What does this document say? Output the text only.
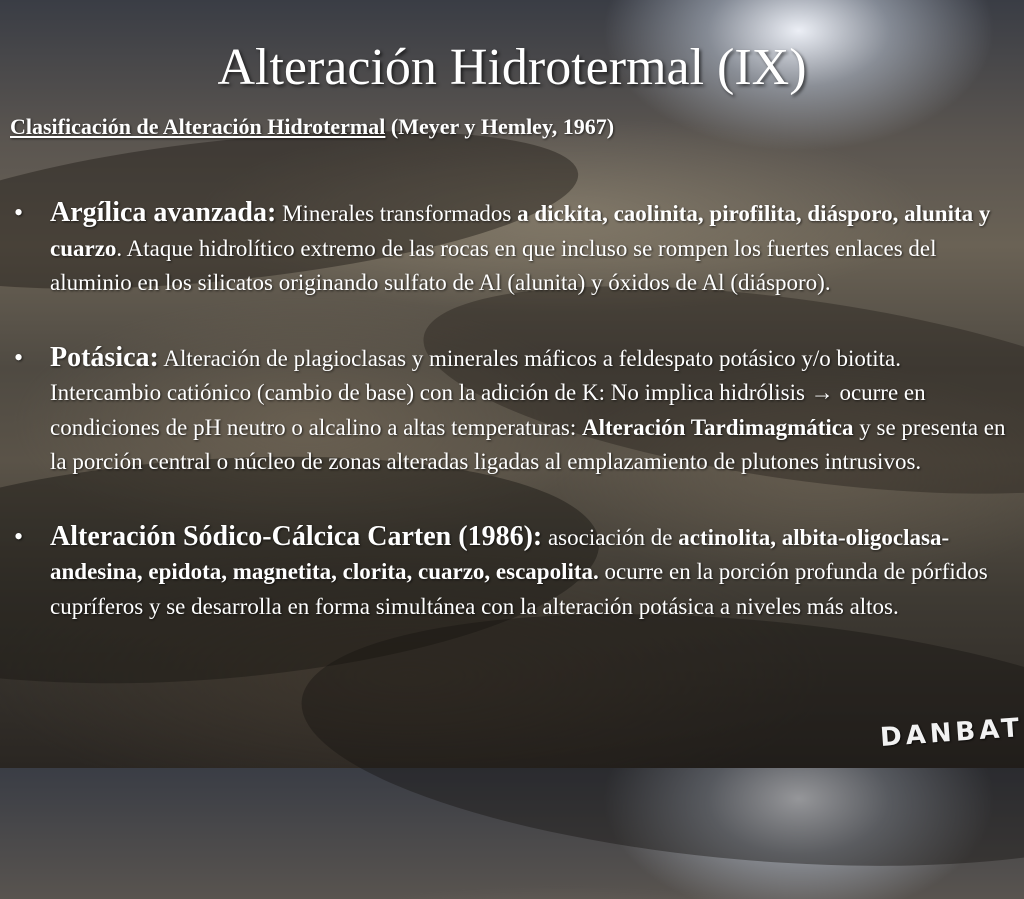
Alteración Hidrotermal (IX)
Clasificación de Alteración Hidrotermal (Meyer y Hemley, 1967)
• Argílica avanzada: Minerales transformados a dickita, caolinita, pirofilita, diásporo, alunita y cuarzo. Ataque hidrolítico extremo de las rocas en que incluso se rompen los fuertes enlaces del aluminio en los silicatos originando sulfato de Al (alunita) y óxidos de Al (diásporo).
• Potásica: Alteración de plagioclasas y minerales máficos a feldespato potásico y/o biotita. Intercambio catiónico (cambio de base) con la adición de K: No implica hidrólisis → ocurre en condiciones de pH neutro o alcalino a altas temperaturas: Alteración Tardimagmática y se presenta en la porción central o núcleo de zonas alteradas ligadas al emplazamiento de plutones intrusivos.
• Alteración Sódico-Cálcica Carten (1986): asociación de actinolita, albita-oligoclasa- andesina, epidota, magnetita, clorita, cuarzo, escapolita. ocurre en la porción profunda de pórfidos cupríferos y se desarrolla en forma simultánea con la alteración potásica a niveles más altos.
DANBAT
